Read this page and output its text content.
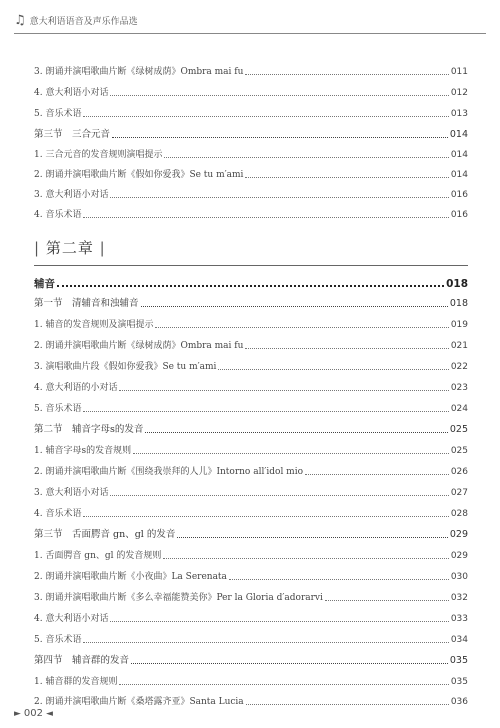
♫ 意大利语语音及声乐作品选
3. 朗诵并演唱歌曲片断《绿树成荫》Ombra mai fu	011
4. 意大利语小对话	012
5. 音乐术语	013
第三节　三合元音	014
1. 三合元音的发音规则演唱提示	014
2. 朗诵并演唱歌曲片断《假如你爱我》Se tu m′ami	014
3. 意大利语小对话	016
4. 音乐术语	016
| 第二章 |
辅音	018
第一节　清辅音和浊辅音	018
1. 辅音的发音规则及演唱提示	019
2. 朗诵并演唱歌曲片断《绿树成荫》Ombra mai fu	021
3. 演唱歌曲片段《假如你爱我》Se tu m′ami	022
4. 意大利语的小对话	023
5. 音乐术语	024
第二节　辅音字母s的发音	025
1. 辅音字母s的发音规则	025
2. 朗诵并演唱歌曲片断《围绕我崇拜的人儿》Intorno all′idol mio	026
3. 意大利语小对话	027
4. 音乐术语	028
第三节　舌面腭音 gn、gl 的发音	029
1. 舌面腭音 gn、gl 的发音规则	029
2. 朗诵并演唱歌曲片断《小夜曲》La Serenata	030
3. 朗诵并演唱歌曲片断《多么幸福能赞美你》Per la Gloria d′adorarvi	032
4. 意大利语小对话	033
5. 音乐术语	034
第四节　辅音群的发音	035
1. 辅音群的发音规则	035
2. 朗诵并演唱歌曲片断《桑塔露齐亚》Santa Lucia	036
► 002 ◄
